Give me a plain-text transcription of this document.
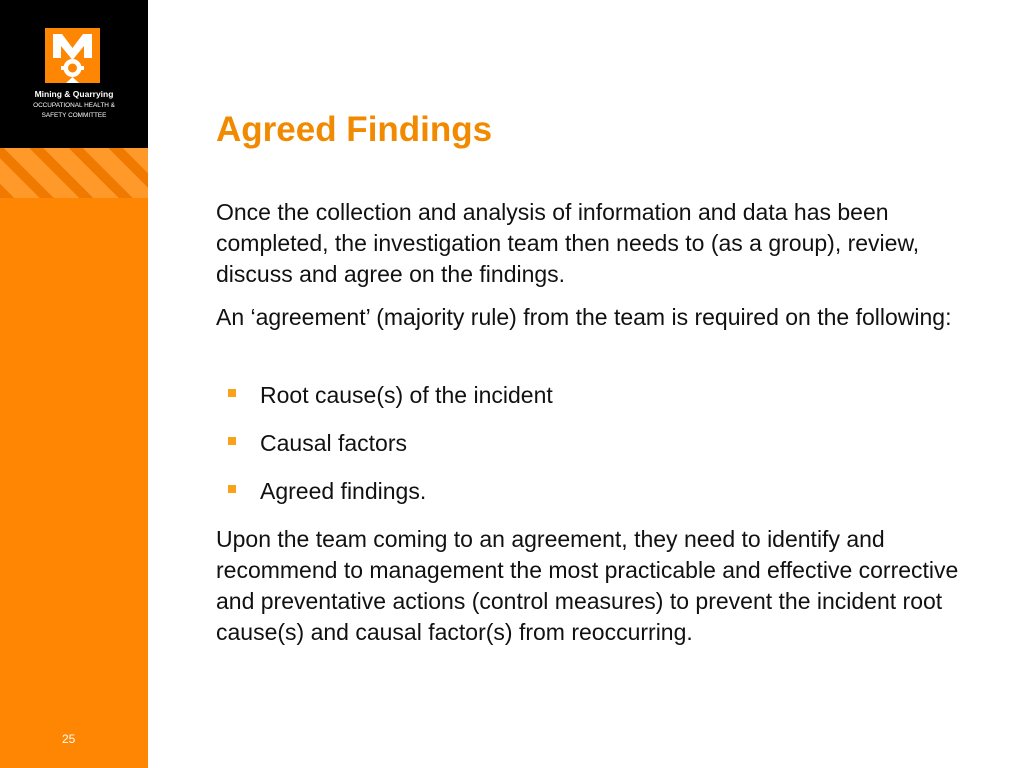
Mining & Quarrying
OCCUPATIONAL HEALTH &
SAFETY COMMITTEE
25
Agreed Findings

Once the collection and analysis of information and data has been completed, the investigation team then needs to (as a group), review, discuss and agree on the findings.

An ‘agreement’ (majority rule) from the team is required on the following:

Root cause(s) of the incident
Causal factors
Agreed findings.

Upon the team coming to an agreement, they need to identify and recommend to management the most practicable and effective corrective and preventative actions (control measures) to prevent the incident root cause(s) and causal factor(s) from reoccurring.
